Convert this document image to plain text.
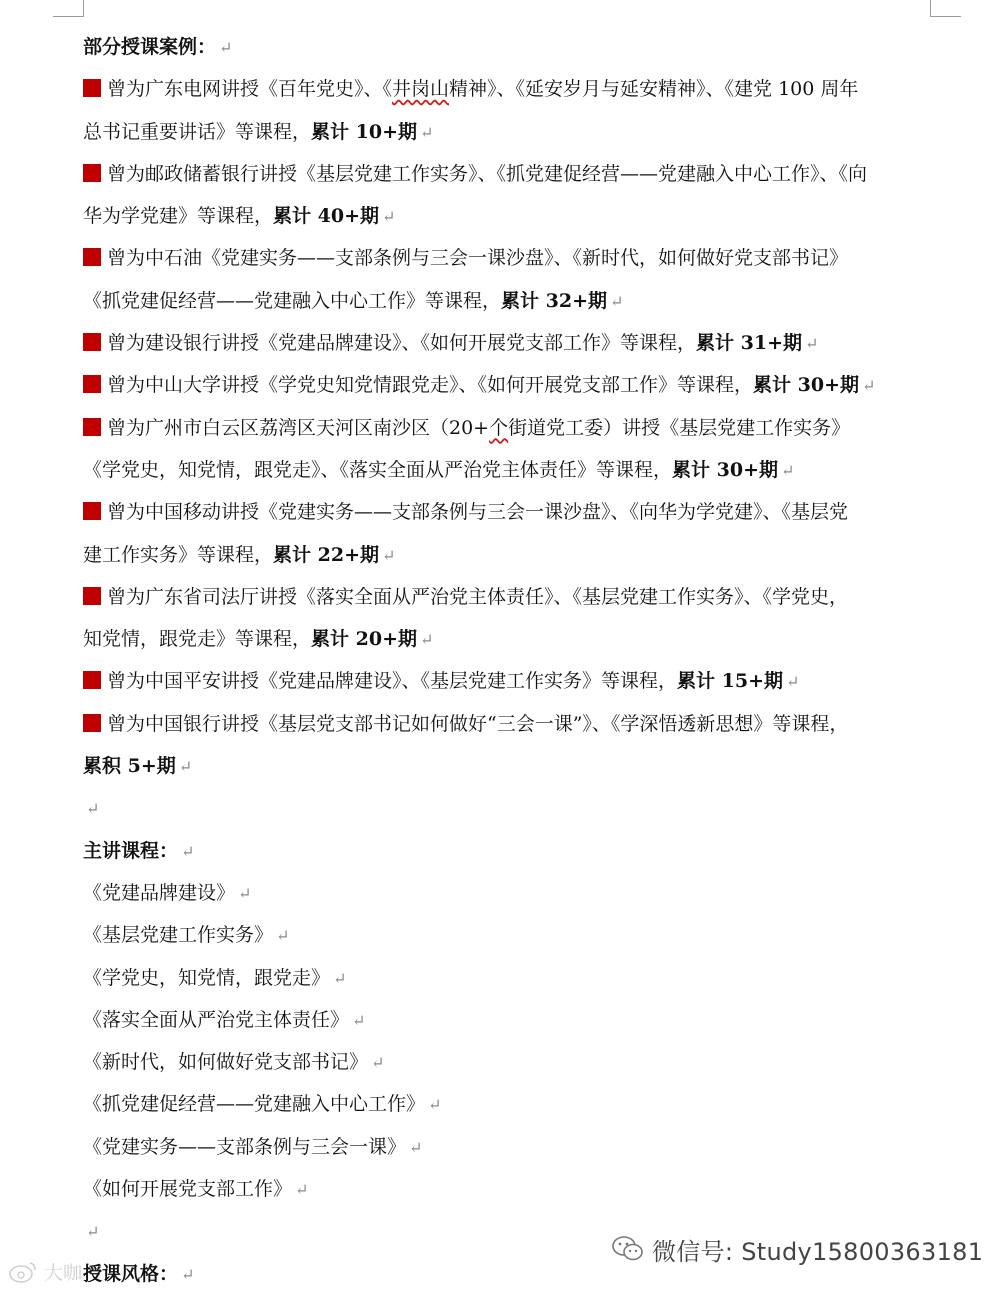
部分授课案例： ↵
曾为广东电网讲授《百年党史》、《井岗山精神》、《延安岁月与延安精神》、《建党 100 周年
总书记重要讲话》等课程，累计 10+期 ↵
曾为邮政储蓄银行讲授《基层党建工作实务》、《抓党建促经营——党建融入中心工作》、《向
华为学党建》等课程，累计 40+期 ↵
曾为中石油《党建实务——支部条例与三会一课沙盘》、《新时代，如何做好党支部书记》
《抓党建促经营——党建融入中心工作》等课程，累计 32+期 ↵
曾为建设银行讲授《党建品牌建设》、《如何开展党支部工作》等课程，累计 31+期 ↵
曾为中山大学讲授《学党史知党情跟党走》、《如何开展党支部工作》等课程，累计 30+期 ↵
曾为广州市白云区荔湾区天河区南沙区（20+个街道党工委）讲授《基层党建工作实务》
《学党史，知党情，跟党走》、《落实全面从严治党主体责任》等课程，累计 30+期 ↵
曾为中国移动讲授《党建实务——支部条例与三会一课沙盘》、《向华为学党建》、《基层党
建工作实务》等课程，累计 22+期 ↵
曾为广东省司法厅讲授《落实全面从严治党主体责任》、《基层党建工作实务》、《学党史，
知党情，跟党走》等课程，累计 20+期 ↵
曾为中国平安讲授《党建品牌建设》、《基层党建工作实务》等课程，累计 15+期 ↵
曾为中国银行讲授《基层党支部书记如何做好“三会一课”》、《学深悟透新思想》等课程，
累积 5+期 ↵
↵
主讲课程： ↵
《党建品牌建设》 ↵
《基层党建工作实务》 ↵
《学党史，知党情，跟党走》 ↵
《落实全面从严治党主体责任》 ↵
《新时代，如何做好党支部书记》 ↵
《抓党建促经营——党建融入中心工作》 ↵
《党建实务——支部条例与三会一课》 ↵
《如何开展党支部工作》 ↵
↵
授课风格： ↵
微信号: Study15800363181
大咖
